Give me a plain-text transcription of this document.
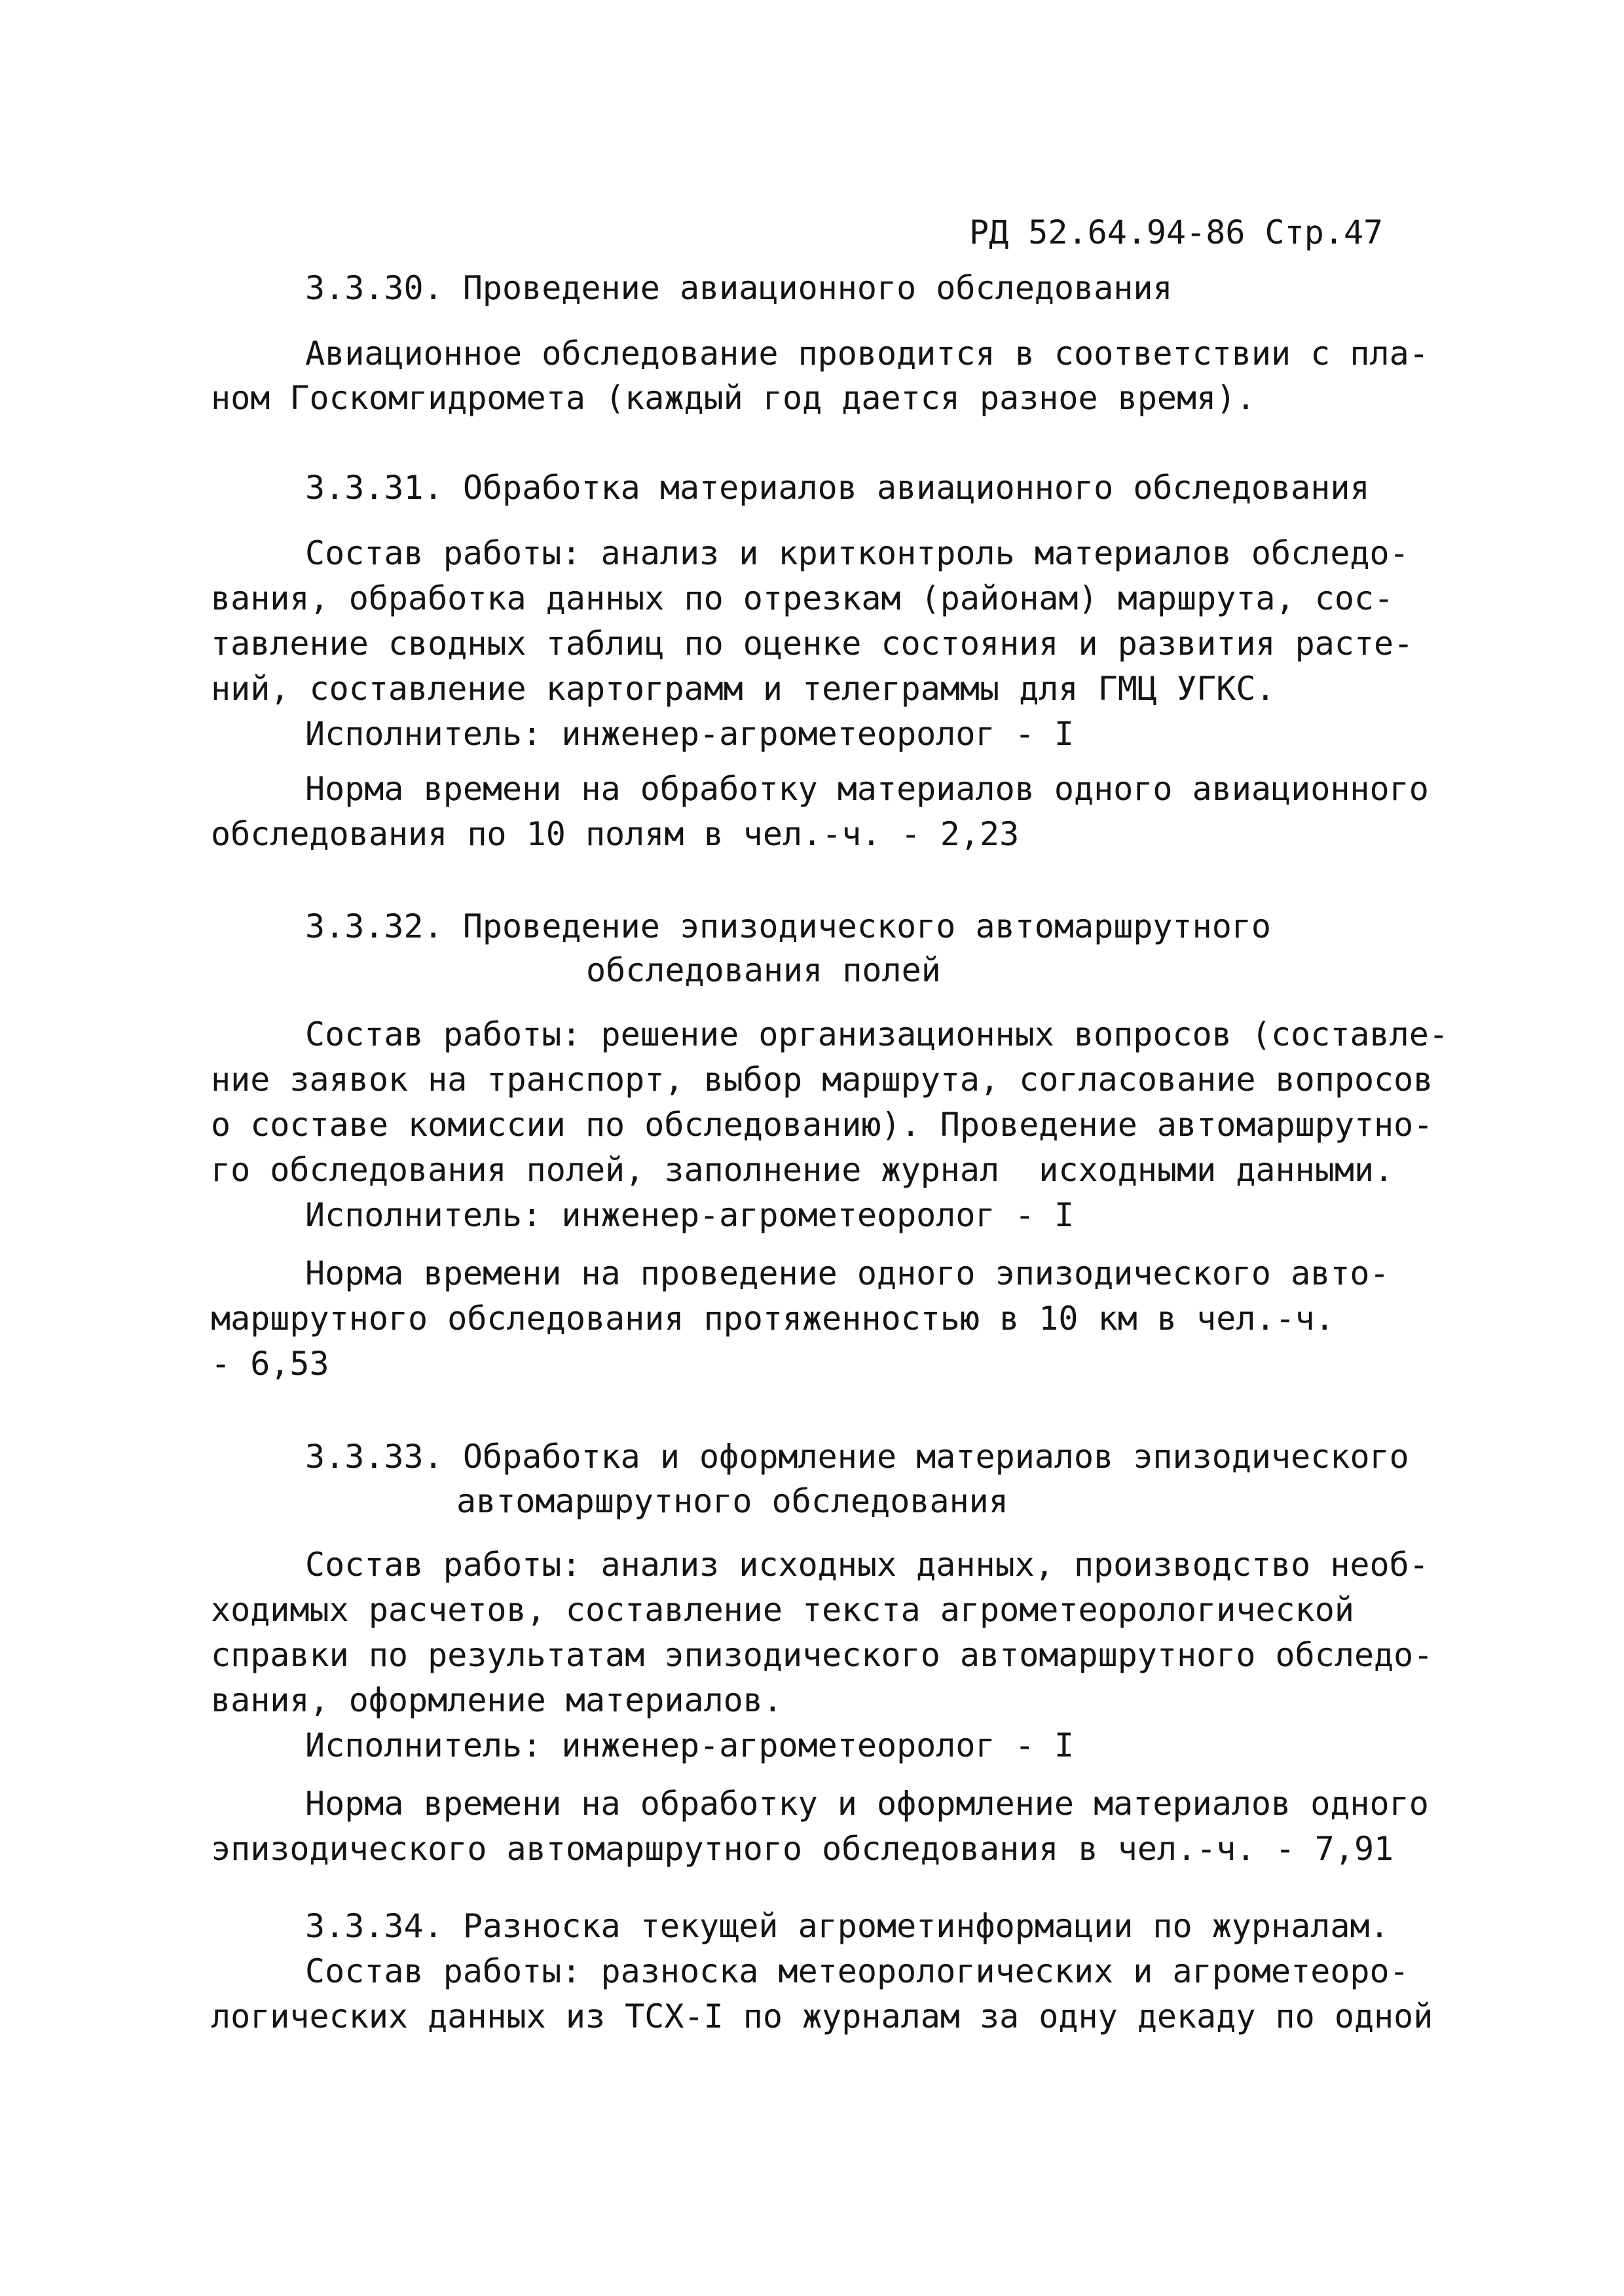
РД 52.64.94-86 Стр.47
3.3.30. Проведение авиационного обследования
Авиационное обследование проводится в соответствии с пла-
ном Госкомгидромета (каждый год дается разное время).
3.3.31. Обработка материалов авиационного обследования
Состав работы: анализ и критконтроль материалов обследо-
вания, обработка данных по отрезкам (районам) маршрута, сос-
тавление сводных таблиц по оценке состояния и развития расте-
ний, составление картограмм и телеграммы для ГМЦ УГКС.
Исполнитель: инженер-агрометеоролог - I
Норма времени на обработку материалов одного авиационного
обследования по 10 полям в чел.-ч. - 2,23
3.3.32. Проведение эпизодического автомаршрутного
обследования полей
Состав работы: решение организационных вопросов (составле-
ние заявок на транспорт, выбор маршрута, согласование вопросов
о составе комиссии по обследованию). Проведение автомаршрутно-
го обследования полей, заполнение журнал  исходными данными.
Исполнитель: инженер-агрометеоролог - I
Норма времени на проведение одного эпизодического авто-
маршрутного обследования протяженностью в 10 км в чел.-ч.
- 6,53
3.3.33. Обработка и оформление материалов эпизодического
автомаршрутного обследования
Состав работы: анализ исходных данных, производство необ-
ходимых расчетов, составление текста агрометеорологической
справки по результатам эпизодического автомаршрутного обследо-
вания, оформление материалов.
Исполнитель: инженер-агрометеоролог - I
Норма времени на обработку и оформление материалов одного
эпизодического автомаршрутного обследования в чел.-ч. - 7,91
3.3.34. Разноска текущей агрометинформации по журналам.
Состав работы: разноска метеорологических и агрометеоро-
логических данных из ТСХ-I по журналам за одну декаду по одной
